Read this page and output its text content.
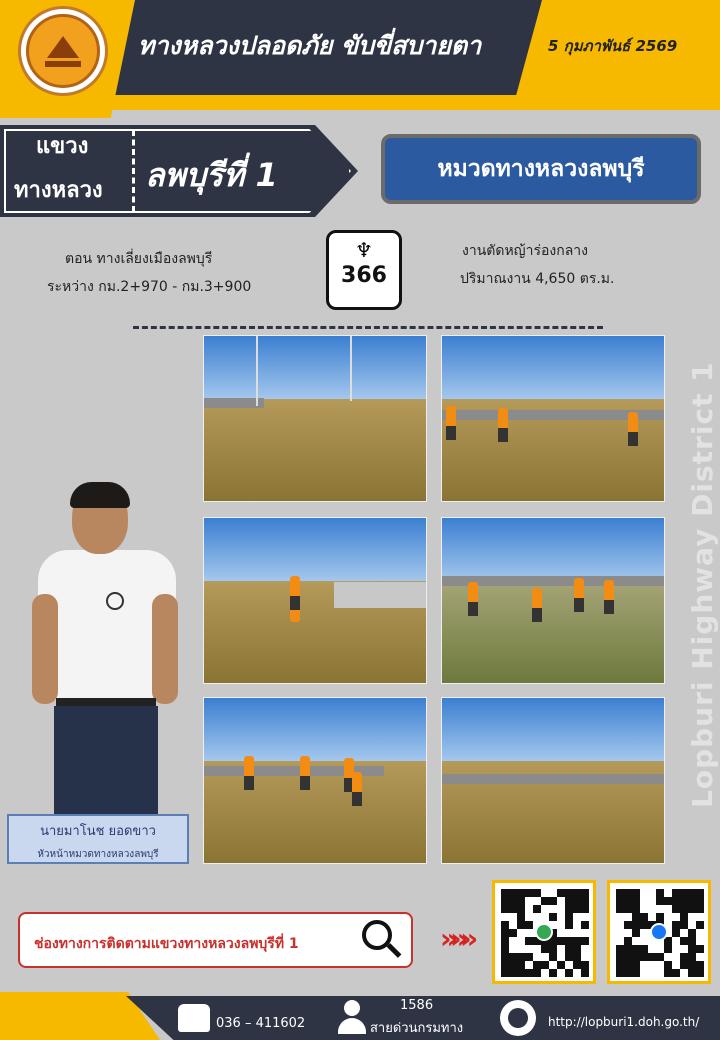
ทางหลวงปลอดภัย ขับขี่สบายตา	5 กุมภาพันธ์ 2569
แขวง
ทางหลวง ลพบุรีที่ 1	หมวดทางหลวงลพบุรี
ตอน ทางเลี่ยงเมืองลพบุรี
ระหว่าง กม.2+970 - กม.3+900
♆
366
งานตัดหญ้าร่องกลาง
ปริมาณงาน 4,650 ตร.ม.
นายมาโนช ยอดขาว
หัวหน้าหมวดทางหลวงลพบุรี
Lopburi Highway District 1
ช่องทางการติดตามแขวงทางหลวงลพบุรีที่ 1	»»»
036 – 411602
1586
สายด่วนกรมทาง	http://lopburi1.doh.go.th/
